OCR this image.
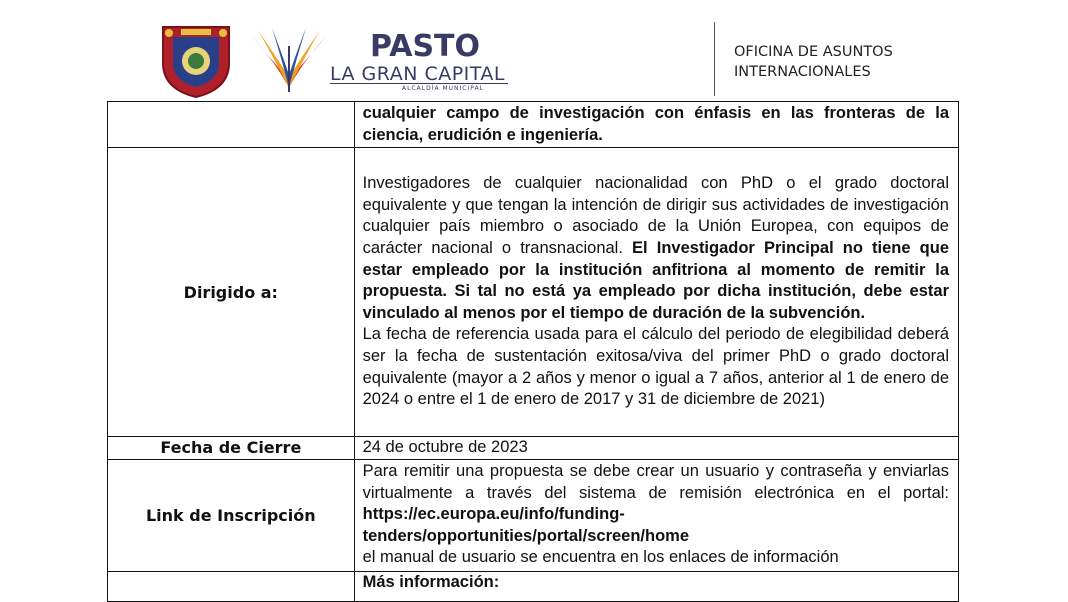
PASTO
LA GRAN CAPITAL
ALCALDÍA MUNICIPAL
OFICINA DE ASUNTOS
INTERNACIONALES

	cualquier campo de investigación con énfasis en las fronteras de la ciencia, erudición e ingeniería.

Dirigido a:	Investigadores de cualquier nacionalidad con PhD o el grado doctoral equivalente y que tengan la intención de dirigir sus actividades de investigación cualquier país miembro o asociado de la Unión Europea, con equipos de carácter nacional o transnacional. El Investigador Principal no tiene que estar empleado por la institución anfitriona al momento de remitir la propuesta. Si tal no está ya empleado por dicha institución, debe estar vinculado al menos por el tiempo de duración de la subvención.
La fecha de referencia usada para el cálculo del periodo de elegibilidad deberá ser la fecha de sustentación exitosa/viva del primer PhD o grado doctoral equivalente (mayor a 2 años y menor o igual a 7 años, anterior al 1 de enero de 2024 o entre el 1 de enero de 2017 y 31 de diciembre de 2021)

Fecha de Cierre	24 de octubre de 2023

Link de Inscripción	Para remitir una propuesta se debe crear un usuario y contraseña y enviarlas virtualmente a través del sistema de remisión electrónica en el portal: https://ec.europa.eu/info/funding-tenders/opportunities/portal/screen/home
el manual de usuario se encuentra en los enlaces de información

	Más información:
